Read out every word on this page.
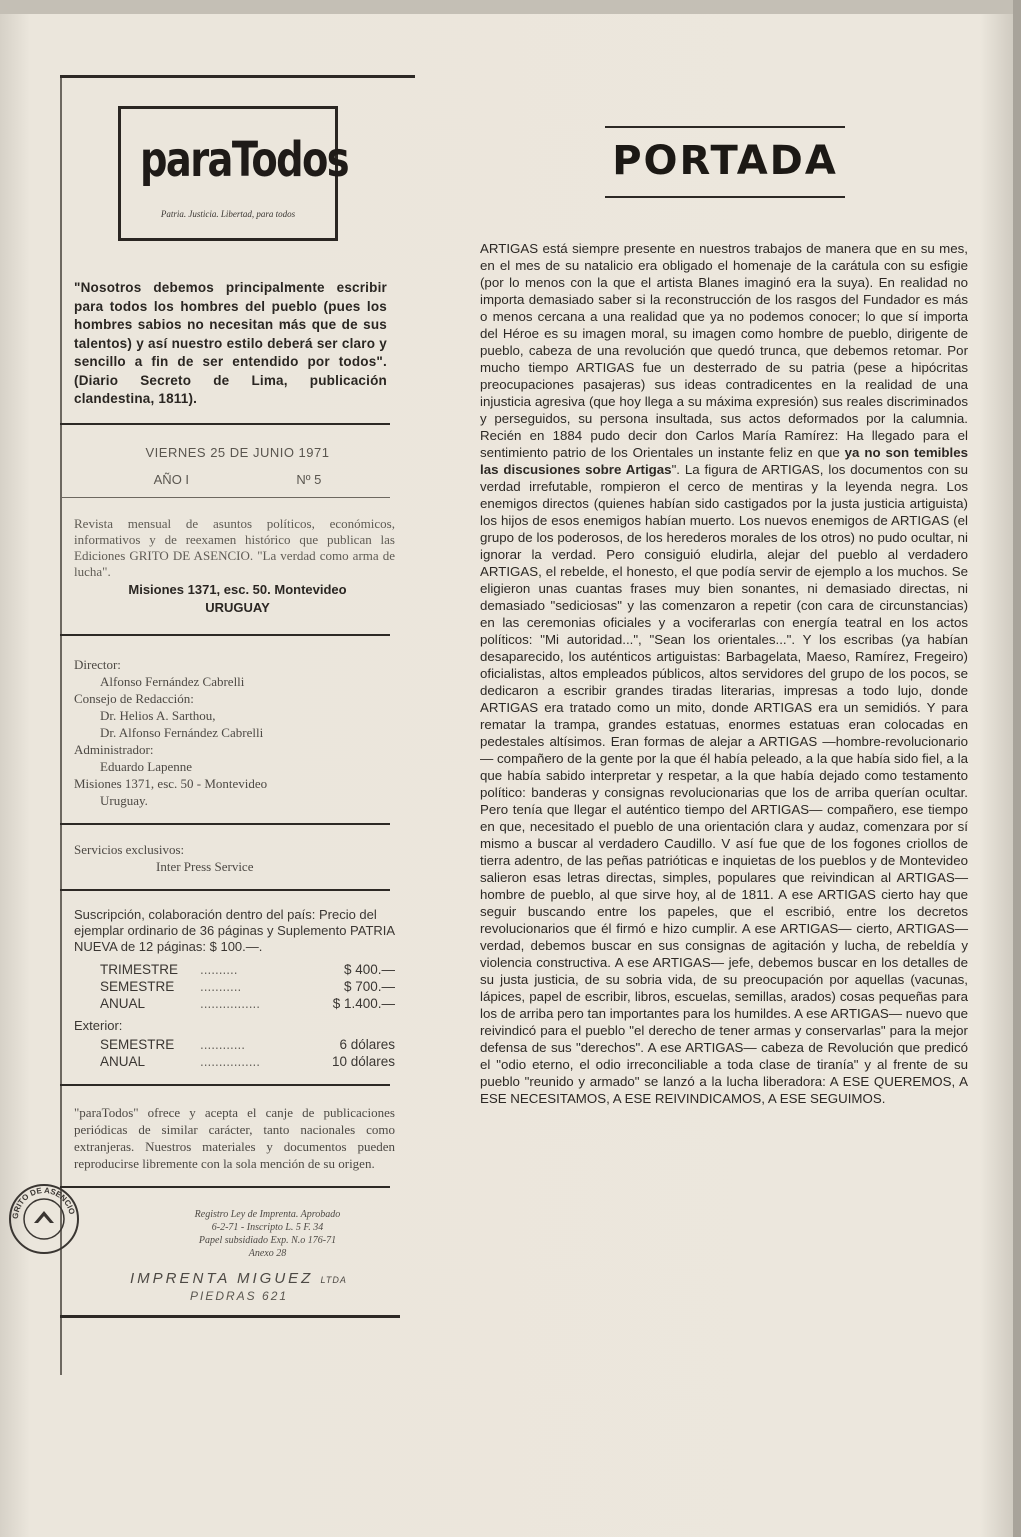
paraTodos
Patria. Justicia. Libertad, para todos
"Nosotros debemos principalmente escribir para todos los hombres del pueblo (pues los hombres sabios no necesitan más que de sus talentos) y así nuestro estilo deberá ser claro y sencillo a fin de ser entendido por todos". (Diario Secreto de Lima, publicación clandestina, 1811).
VIERNES 25 DE JUNIO 1971
AÑO I	Nº 5
Revista mensual de asuntos políticos, económicos, informativos y de reexamen histórico que publican las Ediciones GRITO DE ASENCIO. "La verdad como arma de lucha".
Misiones 1371, esc. 50. Montevideo
URUGUAY
Director:
Alfonso Fernández Cabrelli
Consejo de Redacción:
Dr. Helios A. Sarthou,
Dr. Alfonso Fernández Cabrelli
Administrador:
Eduardo Lapenne
Misiones 1371, esc. 50 - Montevideo
Uruguay.
Servicios exclusivos:
Inter Press Service
Suscripción, colaboración dentro del país: Precio del ejemplar ordinario de 36 páginas y Suplemento PATRIA NUEVA de 12 páginas: $ 100.—.
TRIMESTRE	..........	$ 400.—
SEMESTRE	...........	$ 700.—
ANUAL	................	$ 1.400.—
Exterior:
SEMESTRE	............	6 dólares
ANUAL	................	10 dólares
"paraTodos" ofrece y acepta el canje de publicaciones periódicas de similar carácter, tanto nacionales como extranjeras. Nuestros materiales y documentos pueden reproducirse libremente con la sola mención de su origen.
Registro Ley de Imprenta. Aprobado
6-2-71 - Inscripto L. 5 F. 34
Papel subsidiado Exp. N.o 176-71
Anexo 28
IMPRENTA MIGUEZ LTDA
PIEDRAS 621
GRITO DE ASENCIO
PORTADA

ARTIGAS está siempre presente en nuestros trabajos de manera que en su mes, en el mes de su natalicio era obligado el homenaje de la carátula con su esfigie (por lo menos con la que el artista Blanes imaginó era la suya). En realidad no importa demasiado saber si la reconstrucción de los rasgos del Fundador es más o menos cercana a una realidad que ya no podemos conocer; lo que sí importa del Héroe es su imagen moral, su imagen como hombre de pueblo, dirigente de pueblo, cabeza de una revolución que quedó trunca, que debemos retomar. Por mucho tiempo ARTIGAS fue un desterrado de su patria (pese a hipócritas preocupaciones pasajeras) sus ideas contradicentes en la realidad de una injusticia agresiva (que hoy llega a su máxima expresión) sus reales discriminados y perseguidos, su persona insultada, sus actos deformados por la calumnia. Recién en 1884 pudo decir don Carlos María Ramírez: Ha llegado para el sentimiento patrio de los Orientales un instante feliz en que ya no son temibles las discusiones sobre Artigas". La figura de ARTIGAS, los documentos con su verdad irrefutable, rompieron el cerco de mentiras y la leyenda negra. Los enemigos directos (quienes habían sido castigados por la justa justicia artiguista) los hijos de esos enemigos habían muerto. Los nuevos enemigos de ARTIGAS (el grupo de los poderosos, de los herederos morales de los otros) no pudo ocultar, ni ignorar la verdad. Pero consiguió eludirla, alejar del pueblo al verdadero ARTIGAS, el rebelde, el honesto, el que podía servir de ejemplo a los muchos. Se eligieron unas cuantas frases muy bien sonantes, ni demasiado directas, ni demasiado "sediciosas" y las comenzaron a repetir (con cara de circunstancias) en las ceremonias oficiales y a vociferarlas con energía teatral en los actos políticos: "Mi autoridad...", "Sean los orientales...". Y los escribas (ya habían desaparecido, los auténticos artiguistas: Barbagelata, Maeso, Ramírez, Fregeiro) oficialistas, altos empleados públicos, altos servidores del grupo de los pocos, se dedicaron a escribir grandes tiradas literarias, impresas a todo lujo, donde ARTIGAS era tratado como un mito, donde ARTIGAS era un semidiós. Y para rematar la trampa, grandes estatuas, enormes estatuas eran colocadas en pedestales altísimos. Eran formas de alejar a ARTIGAS —hombre-revolucionario— compañero de la gente por la que él había peleado, a la que había sido fiel, a la que había sabido interpretar y respetar, a la que había dejado como testamento político: banderas y consignas revolucionarias que los de arriba querían ocultar. Pero tenía que llegar el auténtico tiempo del ARTIGAS— compañero, ese tiempo en que, necesitado el pueblo de una orientación clara y audaz, comenzara por sí mismo a buscar al verdadero Caudillo. V así fue que de los fogones criollos de tierra adentro, de las peñas patrióticas e inquietas de los pueblos y de Montevideo salieron esas letras directas, simples, populares que reivindican al ARTIGAS— hombre de pueblo, al que sirve hoy, al de 1811. A ese ARTIGAS cierto hay que seguir buscando entre los papeles, que el escribió, entre los decretos revolucionarios que él firmó e hizo cumplir. A ese ARTIGAS— cierto, ARTIGAS— verdad, debemos buscar en sus consignas de agitación y lucha, de rebeldía y violencia constructiva. A ese ARTIGAS— jefe, debemos buscar en los detalles de su justa justicia, de su sobria vida, de su preocupación por aquellas (vacunas, lápices, papel de escribir, libros, escuelas, semillas, arados) cosas pequeñas para los de arriba pero tan importantes para los humildes. A ese ARTIGAS— nuevo que reivindicó para el pueblo "el derecho de tener armas y conservarlas" para la mejor defensa de sus "derechos". A ese ARTIGAS— cabeza de Revolución que predicó el "odio eterno, el odio irreconciliable a toda clase de tiranía" y al frente de su pueblo "reunido y armado" se lanzó a la lucha liberadora: A ESE QUEREMOS, A ESE NECESITAMOS, A ESE REIVINDICAMOS, A ESE SEGUIMOS.
